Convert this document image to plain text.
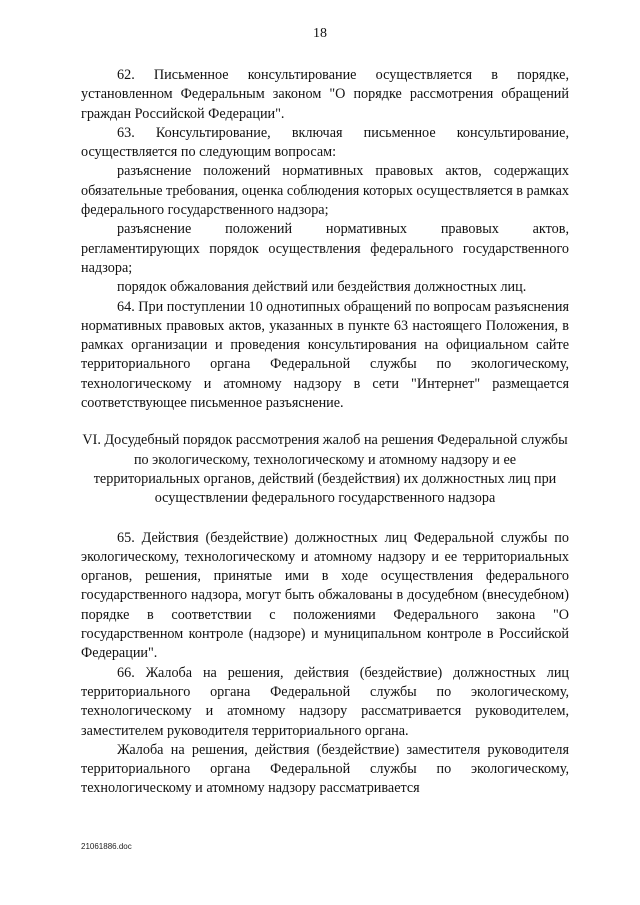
18

62. Письменное консультирование осуществляется в порядке, установленном Федеральным законом "О порядке рассмотрения обращений граждан Российской Федерации".

63. Консультирование, включая письменное консультирование, осуществляется по следующим вопросам:

разъяснение положений нормативных правовых актов, содержащих обязательные требования, оценка соблюдения которых осуществляется в рамках федерального государственного надзора;

разъяснение положений нормативных правовых актов, регламентирующих порядок осуществления федерального государственного надзора;

порядок обжалования действий или бездействия должностных лиц.

64. При поступлении 10 однотипных обращений по вопросам разъяснения нормативных правовых актов, указанных в пункте 63 настоящего Положения, в рамках организации и проведения консультирования на официальном сайте территориального органа Федеральной службы по экологическому, технологическому и атомному надзору в сети "Интернет" размещается соответствующее письменное разъяснение.

VI. Досудебный порядок рассмотрения жалоб на решения Федеральной службы по экологическому, технологическому и атомному надзору и ее территориальных органов, действий (бездействия) их должностных лиц при осуществлении федерального государственного надзора

65. Действия (бездействие) должностных лиц Федеральной службы по экологическому, технологическому и атомному надзору и ее территориальных органов, решения, принятые ими в ходе осуществления федерального государственного надзора, могут быть обжалованы в досудебном (внесудебном) порядке в соответствии с положениями Федерального закона "О государственном контроле (надзоре) и муниципальном контроле в Российской Федерации".

66. Жалоба на решения, действия (бездействие) должностных лиц территориального органа Федеральной службы по экологическому, технологическому и атомному надзору рассматривается руководителем, заместителем руководителя территориального органа.

Жалоба на решения, действия (бездействие) заместителя руководителя территориального органа Федеральной службы по экологическому, технологическому и атомному надзору рассматривается

21061886.doc
